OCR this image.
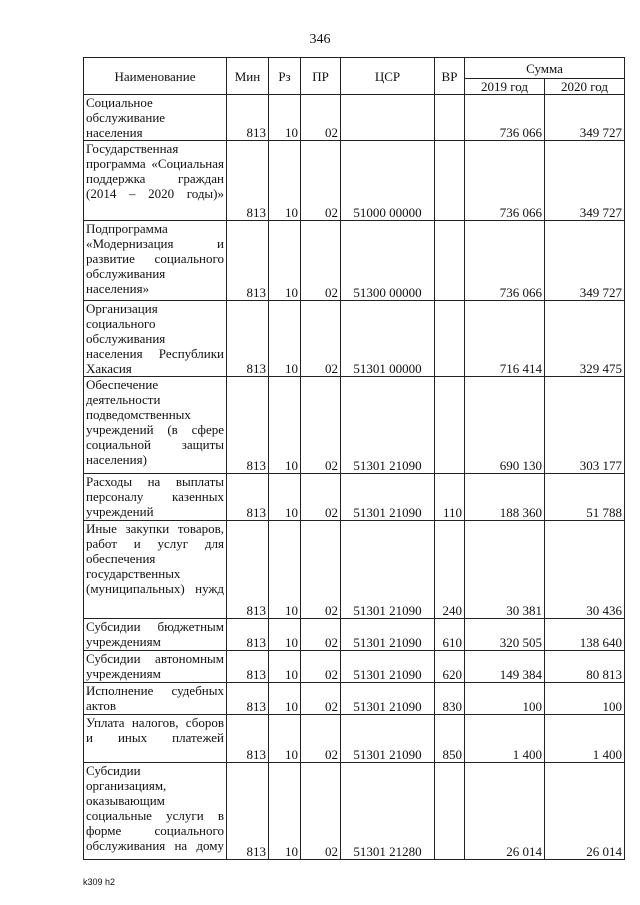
346
Наименование	Мин	Рз	ПР	ЦСР	ВР	Сумма	
						2019 год	2020 год
Социальное обслуживание населения	813	10	02			736 066	349 727
Государственная программа «Социальная поддержка граждан (2014 – 2020 годы)»	813	10	02	51000 00000		736 066	349 727
Подпрограмма «Модернизация и развитие социального обслуживания населения»	813	10	02	51300 00000		736 066	349 727
Организация социального обслуживания населения Республики Хакасия	813	10	02	51301 00000		716 414	329 475
Обеспечение деятельности подведомственных учреждений (в сфере социальной защиты населения)	813	10	02	51301 21090		690 130	303 177
Расходы на выплаты персоналу казенных учреждений	813	10	02	51301 21090	110	188 360	51 788
Иные закупки товаров, работ и услуг для обеспечения государственных (муниципальных) нужд	813	10	02	51301 21090	240	30 381	30 436
Субсидии бюджетным учреждениям	813	10	02	51301 21090	610	320 505	138 640
Субсидии автономным учреждениям	813	10	02	51301 21090	620	149 384	80 813
Исполнение судебных актов	813	10	02	51301 21090	830	100	100
Уплата налогов, сборов и иных платежей	813	10	02	51301 21090	850	1 400	1 400
Субсидии организациям, оказывающим социальные услуги в форме социального обслуживания на дому	813	10	02	51301 21280		26 014	26 014
k309 h2
